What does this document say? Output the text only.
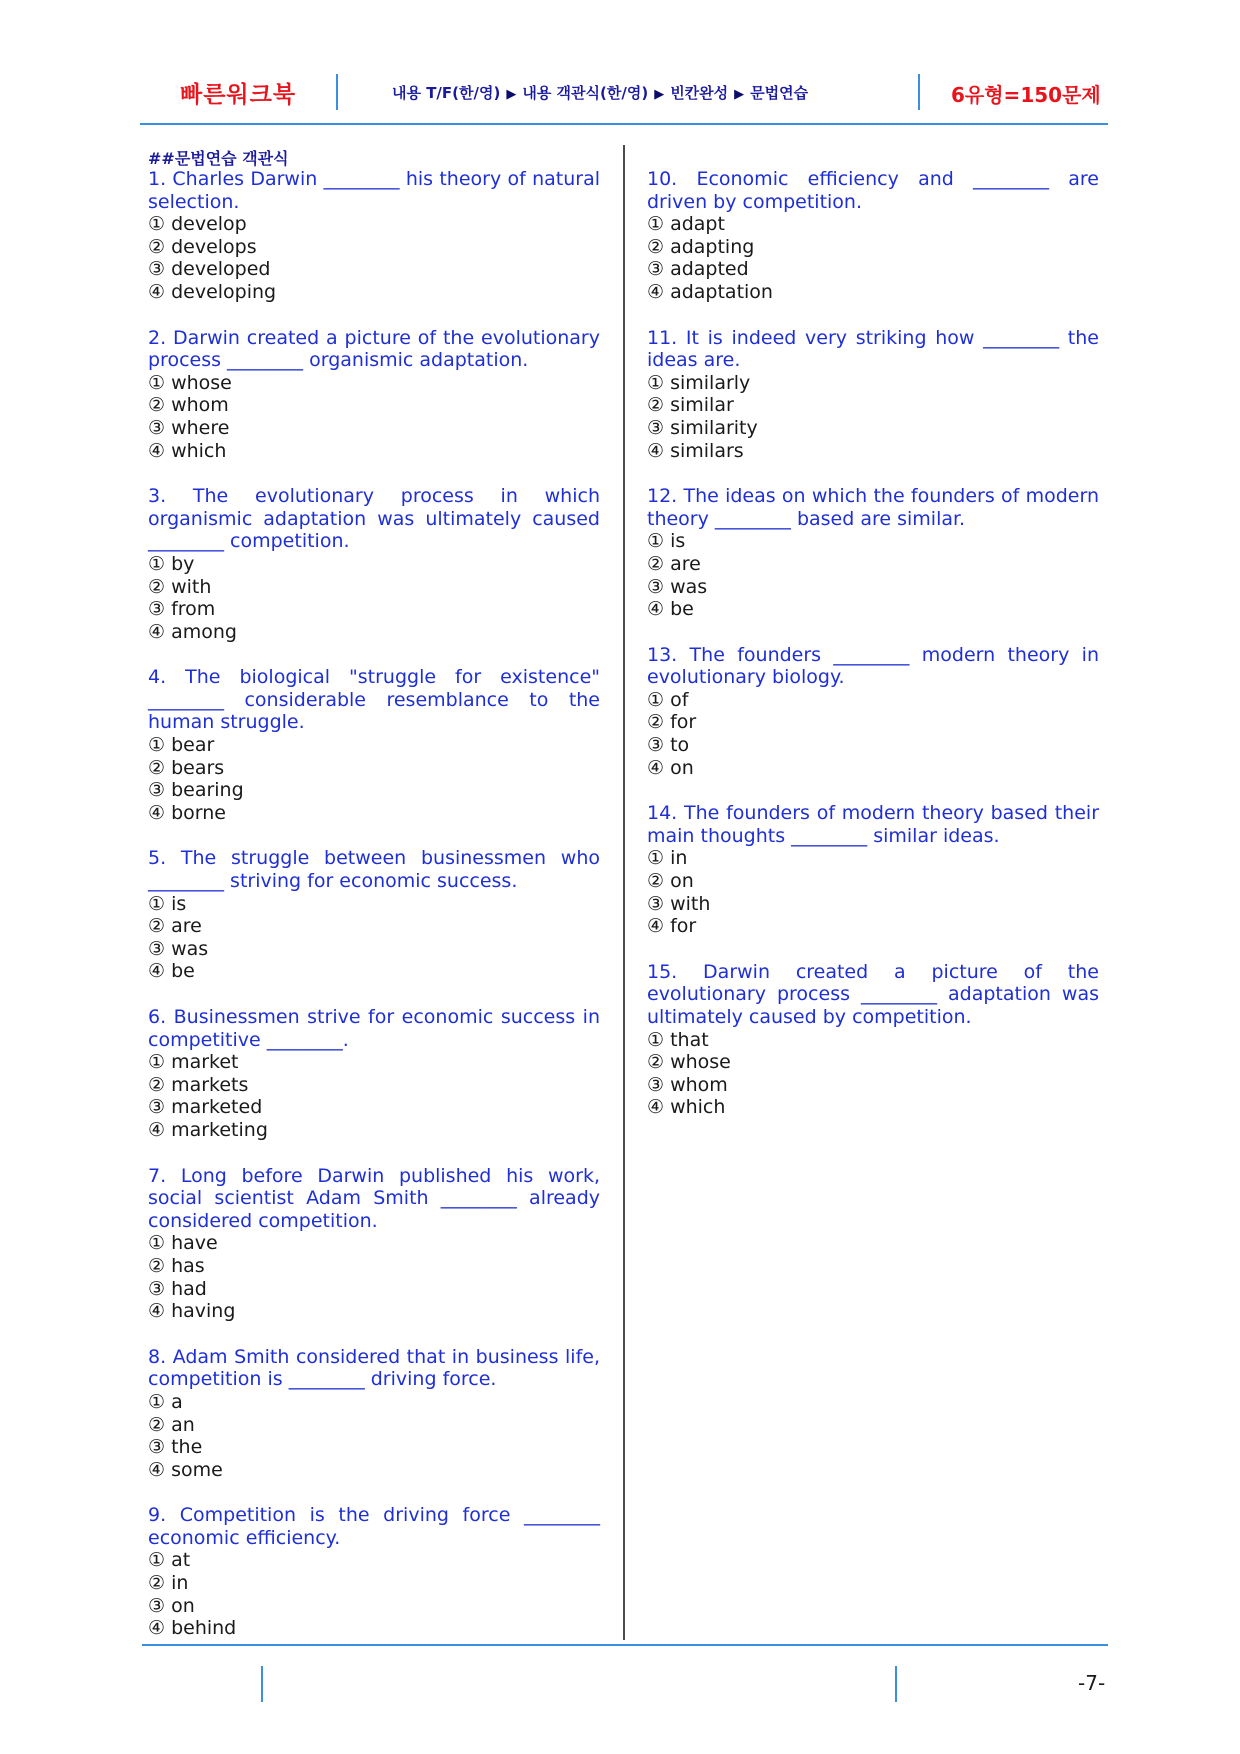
빠른워크북	내용 T/F(한/영) ▶ 내용 객관식(한/영) ▶ 빈칸완성 ▶ 문법연습	6유형=150문제
##문법연습 객관식
1. Charles Darwin ________ his theory of natural selection.
① develop
② develops
③ developed
④ developing
2. Darwin created a picture of the evolutionary process ________ organismic adaptation.
① whose
② whom
③ where
④ which
3. The evolutionary process in which organismic adaptation was ultimately caused ________ competition.
① by
② with
③ from
④ among
4. The biological "struggle for existence" ________ considerable resemblance to the human struggle.
① bear
② bears
③ bearing
④ borne
5. The struggle between businessmen who ________ striving for economic success.
① is
② are
③ was
④ be
6. Businessmen strive for economic success in competitive ________.
① market
② markets
③ marketed
④ marketing
7. Long before Darwin published his work, social scientist Adam Smith ________ already considered competition.
① have
② has
③ had
④ having
8. Adam Smith considered that in business life, competition is ________ driving force.
① a
② an
③ the
④ some
9. Competition is the driving force ________ economic efficiency.
① at
② in
③ on
④ behind
10. Economic efficiency and ________ are driven by competition.
① adapt
② adapting
③ adapted
④ adaptation
11. It is indeed very striking how ________ the ideas are.
① similarly
② similar
③ similarity
④ similars
12. The ideas on which the founders of modern theory ________ based are similar.
① is
② are
③ was
④ be
13. The founders ________ modern theory in evolutionary biology.
① of
② for
③ to
④ on
14. The founders of modern theory based their main thoughts ________ similar ideas.
① in
② on
③ with
④ for
15. Darwin created a picture of the evolutionary process ________ adaptation was ultimately caused by competition.
① that
② whose
③ whom
④ which
-7-
